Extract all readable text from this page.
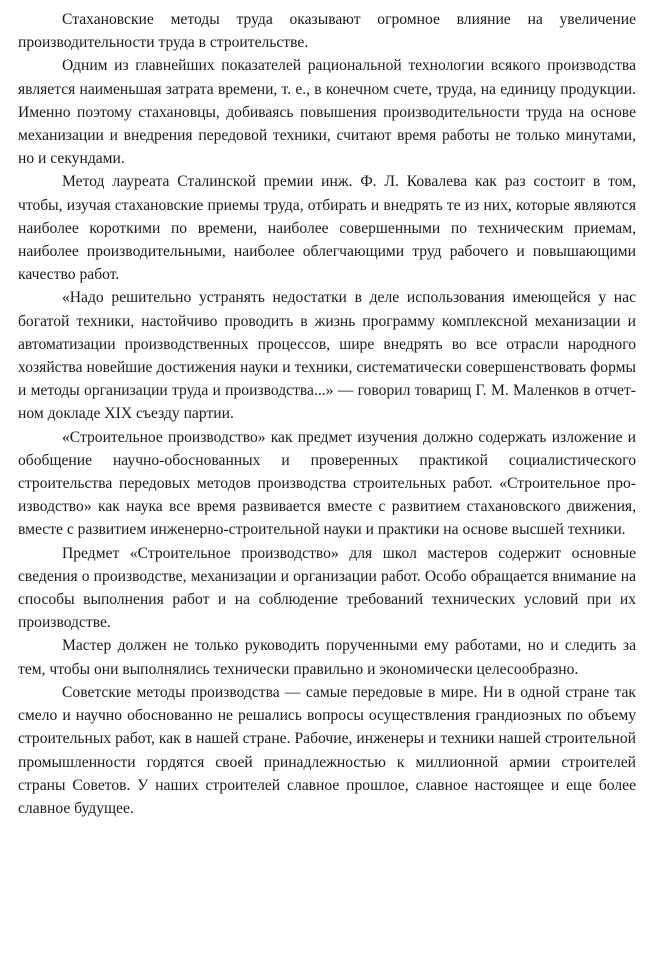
Стахановские методы труда оказывают огромное влияние на увеличение производительности труда в строительстве.

Одним из главнейших показателей рациональной технологии всякого производства является наименьшая затрата времени, т. е., в конечном счете, труда, на единицу продукции. Именно поэтому стахановцы, добиваясь повышения производительности труда на основе механизации и внедрения передовой техники, считают время работы не только минутами, но и секундами.

Метод лауреата Сталинской премии инж. Ф. Л. Ковалева как раз состоит в том, чтобы, изучая стахановские приемы труда, отбирать и внедрять те из них, которые являются наиболее короткими по времени, наиболее совершенными по техническим приемам, наиболее производительными, наиболее облегчающими труд рабочего и повышающими качество работ.

«Надо решительно устранять недостатки в деле использования имеющейся у нас богатой техники, настойчиво проводить в жизнь программу комплексной механизации и автоматизации производственных процессов, шире внедрять во все отрасли народного хозяйства новейшие достижения науки и техники, систематически совершенствовать формы и методы организации труда и производства...» — говорил товарищ Г. М. Маленков в отчетном докладе XIX съезду партии.

«Строительное производство» как предмет изучения должно содержать изложение и обобщение научно-обоснованных и проверенных практикой социалистического строительства передовых методов производства строительных работ. «Строительное производство» как наука все время развивается вместе с развитием стахановского движения, вместе с развитием инженерно-строительной науки и практики на основе высшей техники.

Предмет «Строительное производство» для школ мастеров содержит основные сведения о производстве, механизации и организации работ. Особо обращается внимание на способы выполнения работ и на соблюдение требований технических условий при их производстве.

Мастер должен не только руководить порученными ему работами, но и следить за тем, чтобы они выполнялись технически правильно и экономически целесообразно.

Советские методы производства — самые передовые в мире. Ни в одной стране так смело и научно обоснованно не решались вопросы осуществления грандиозных по объему строительных работ, как в нашей стране. Рабочие, инженеры и техники нашей строительной промышленности гордятся своей принадлежностью к миллионной армии строителей страны Советов. У наших строителей славное прошлое, славное настоящее и еще более славное будущее.
